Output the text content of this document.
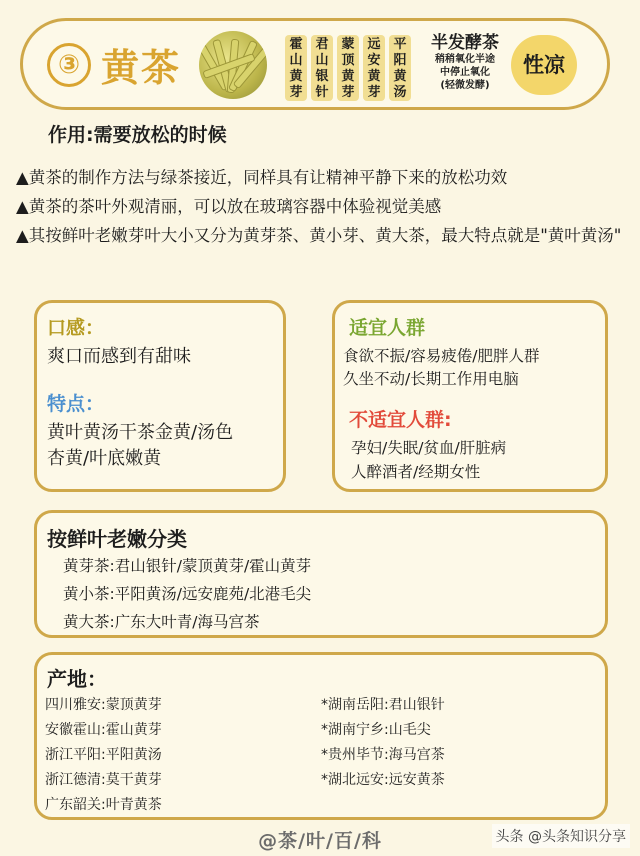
③ 黄茶
霍山黄芽
君山银针
蒙顶黄芽
远安黄芽
平阳黄汤
半发酵茶
稍稍氧化半途
中停止氧化
(轻微发酵)
性凉
作用:需要放松的时候

▲黄茶的制作方法与绿茶接近，同样具有让精神平静下来的放松功效

▲黄茶的茶叶外观清丽，可以放在玻璃容器中体验视觉美感

▲其按鲜叶老嫩芽叶大小又分为黄芽茶、黄小芽、黄大茶，最大特点就是"黄叶黄汤"

口感：
爽口而感到有甜味
特点：
黄叶黄汤干茶金黄/汤色
杏黄/叶底嫩黄
适宜人群
食欲不振/容易疲倦/肥胖人群
久坐不动/长期工作用电脑
不适宜人群:
孕妇/失眠/贫血/肝脏病
人醉酒者/经期女性
按鲜叶老嫩分类
黄芽茶:君山银针/蒙顶黄芽/霍山黄芽
黄小茶:平阳黄汤/远安鹿苑/北港毛尖
黄大茶:广东大叶青/海马宫茶
产地：
四川雅安:蒙顶黄芽
安徽霍山:霍山黄芽
浙江平阳:平阳黄汤
浙江德清:莫干黄芽
广东韶关:叶青黄茶
*湖南岳阳:君山银针
*湖南宁乡:山毛尖
*贵州毕节:海马宫茶
*湖北远安:远安黄茶
@茶/叶/百/科	头条 @头条知识分享
